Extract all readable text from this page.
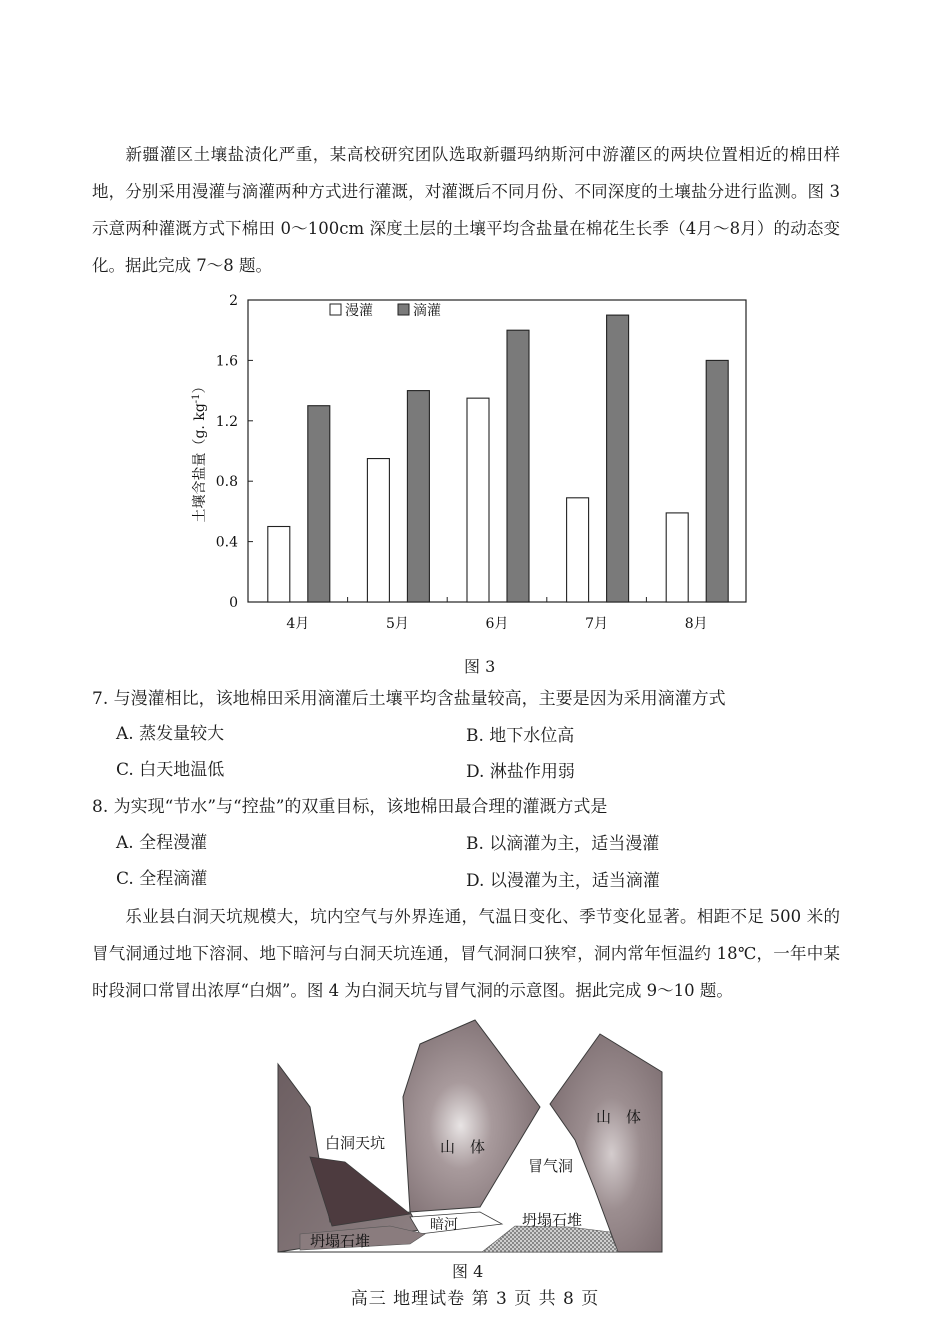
新疆灌区土壤盐渍化严重，某高校研究团队选取新疆玛纳斯河中游灌区的两块位置相近的棉田样地，分别采用漫灌与滴灌两种方式进行灌溉，对灌溉后不同月份、不同深度的土壤盐分进行监测。图 3 示意两种灌溉方式下棉田 0～100cm 深度土层的土壤平均含盐量在棉花生长季（4月～8月）的动态变化。据此完成 7～8 题。
0
0.4
0.8
1.2
1.6
2
土壤含盐量（g. $kg^{-1}$）
4月	5月	6月	7月	8月
漫灌	滴灌
图 3
7. 与漫灌相比，该地棉田采用滴灌后土壤平均含盐量较高，主要是因为采用滴灌方式
A. 蒸发量较大	B. 地下水位高
C. 白天地温低	D. 淋盐作用弱
8. 为实现“节水”与“控盐”的双重目标，该地棉田最合理的灌溉方式是
A. 全程漫灌	B. 以滴灌为主，适当漫灌
C. 全程滴灌	D. 以漫灌为主，适当滴灌
乐业县白洞天坑规模大，坑内空气与外界连通，气温日变化、季节变化显著。相距不足 500 米的冒气洞通过地下溶洞、地下暗河与白洞天坑连通，冒气洞洞口狭窄，洞内常年恒温约 18℃，一年中某时段洞口常冒出浓厚“白烟”。图 4 为白洞天坑与冒气洞的示意图。据此完成 9～10 题。
白洞天坑	山　体
山　体
冒气洞
坍塌石堆
坍塌石堆
暗河
图 4
高三 地理试卷 第 3 页 共 8 页
